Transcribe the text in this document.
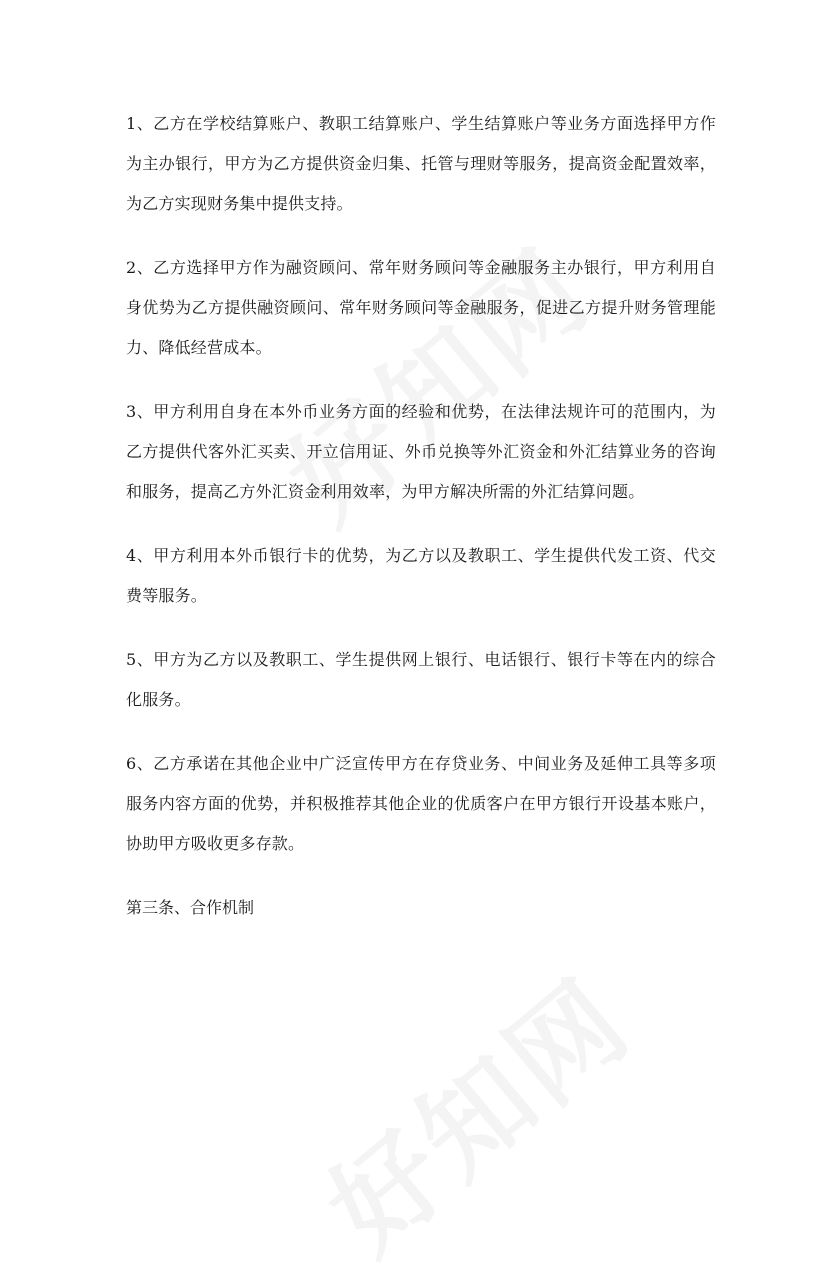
1、乙方在学校结算账户、教职工结算账户、学生结算账户等业务方面选择甲方作为主办银行，甲方为乙方提供资金归集、托管与理财等服务，提高资金配置效率，为乙方实现财务集中提供支持。

2、乙方选择甲方作为融资顾问、常年财务顾问等金融服务主办银行，甲方利用自身优势为乙方提供融资顾问、常年财务顾问等金融服务，促进乙方提升财务管理能力、降低经营成本。

3、甲方利用自身在本外币业务方面的经验和优势，在法律法规许可的范围内，为乙方提供代客外汇买卖、开立信用证、外币兑换等外汇资金和外汇结算业务的咨询和服务，提高乙方外汇资金利用效率，为甲方解决所需的外汇结算问题。

4、甲方利用本外币银行卡的优势，为乙方以及教职工、学生提供代发工资、代交费等服务。

5、甲方为乙方以及教职工、学生提供网上银行、电话银行、银行卡等在内的综合化服务。

6、乙方承诺在其他企业中广泛宣传甲方在存贷业务、中间业务及延伸工具等多项服务内容方面的优势，并积极推荐其他企业的优质客户在甲方银行开设基本账户，协助甲方吸收更多存款。

第三条、合作机制
